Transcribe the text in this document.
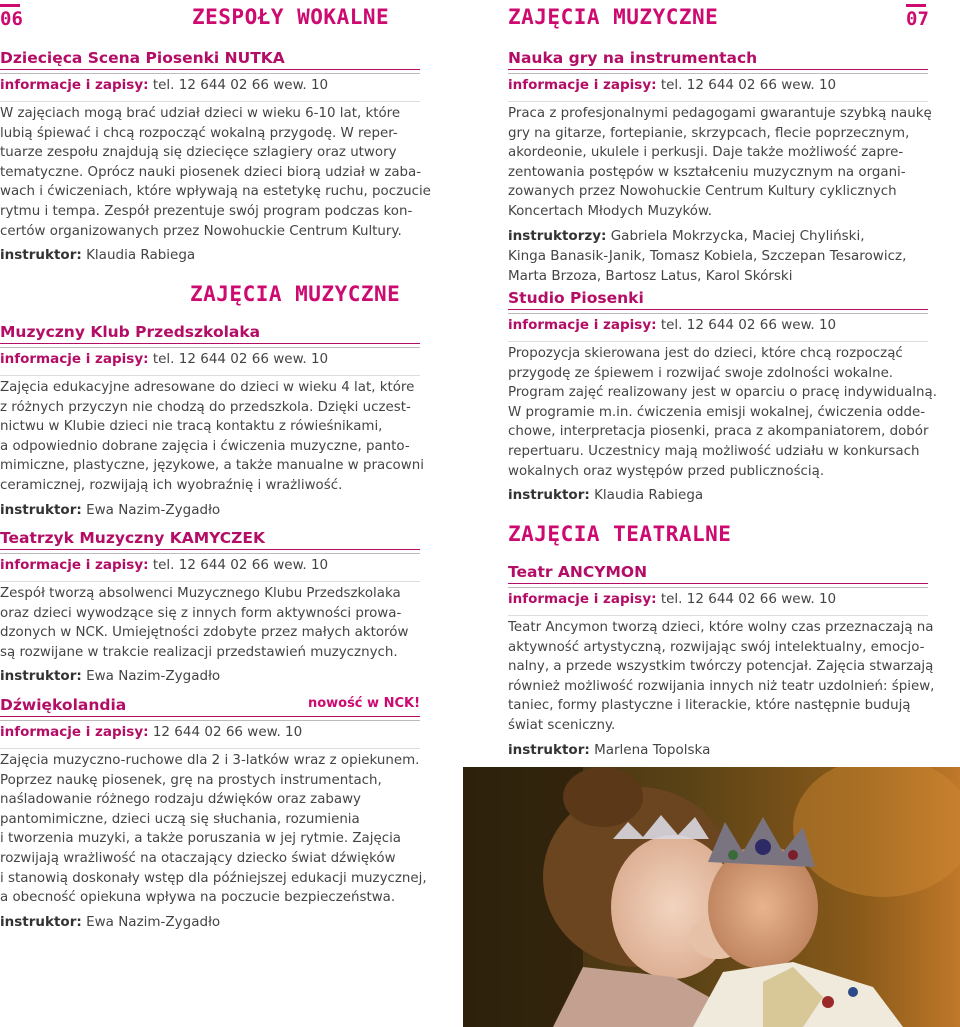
06	ZESPOŁY WOKALNE
Dziecięca Scena Piosenki NUTKA
informacje i zapisy: tel. 12 644 02 66 wew. 10
W zajęciach mogą brać udział dzieci w wieku 6-10 lat, które
lubią śpiewać i chcą rozpocząć wokalną przygodę. W reper-
tuarze zespołu znajdują się dziecięce szlagiery oraz utwory
tematyczne. Oprócz nauki piosenek dzieci biorą udział w zaba-
wach i ćwiczeniach, które wpływają na estetykę ruchu, poczucie
rytmu i tempa. Zespół prezentuje swój program podczas kon-
certów organizowanych przez Nowohuckie Centrum Kultury.
instruktor: Klaudia Rabiega
ZAJĘCIA MUZYCZNE
Muzyczny Klub Przedszkolaka
informacje i zapisy: tel. 12 644 02 66 wew. 10
Zajęcia edukacyjne adresowane do dzieci w wieku 4 lat, które
z różnych przyczyn nie chodzą do przedszkola. Dzięki uczest-
nictwu w Klubie dzieci nie tracą kontaktu z rówieśnikami,
a odpowiednio dobrane zajęcia i ćwiczenia muzyczne, panto-
mimiczne, plastyczne, językowe, a także manualne w pracowni
ceramicznej, rozwijają ich wyobraźnię i wrażliwość.
instruktor: Ewa Nazim-Zygadło
Teatrzyk Muzyczny KAMYCZEK
informacje i zapisy: tel. 12 644 02 66 wew. 10
Zespół tworzą absolwenci Muzycznego Klubu Przedszkolaka
oraz dzieci wywodzące się z innych form aktywności prowa-
dzonych w NCK. Umiejętności zdobyte przez małych aktorów
są rozwijane w trakcie realizacji przedstawień muzycznych.
instruktor: Ewa Nazim-Zygadło
Dźwiękolandia	nowość w NCK!
informacje i zapisy: 12 644 02 66 wew. 10
Zajęcia muzyczno-ruchowe dla 2 i 3-latków wraz z opiekunem.
Poprzez naukę piosenek, grę na prostych instrumentach,
naśladowanie różnego rodzaju dźwięków oraz zabawy
pantomimiczne, dzieci uczą się słuchania, rozumienia
i tworzenia muzyki, a także poruszania w jej rytmie. Zajęcia
rozwijają wrażliwość na otaczający dziecko świat dźwięków
i stanowią doskonały wstęp dla późniejszej edukacji muzycznej,
a obecność opiekuna wpływa na poczucie bezpieczeństwa.
instruktor: Ewa Nazim-Zygadło
ZAJĘCIA MUZYCZNE	07
Nauka gry na instrumentach
informacje i zapisy: tel. 12 644 02 66 wew. 10
Praca z profesjonalnymi pedagogami gwarantuje szybką naukę
gry na gitarze, fortepianie, skrzypcach, flecie poprzecznym,
akordeonie, ukulele i perkusji. Daje także możliwość zapre-
zentowania postępów w kształceniu muzycznym na organi-
zowanych przez Nowohuckie Centrum Kultury cyklicznych
Koncertach Młodych Muzyków.
instruktorzy: Gabriela Mokrzycka, Maciej Chyliński,
Kinga Banasik-Janik, Tomasz Kobiela, Szczepan Tesarowicz,
Marta Brzoza, Bartosz Latus, Karol Skórski
Studio Piosenki
informacje i zapisy: tel. 12 644 02 66 wew. 10
Propozycja skierowana jest do dzieci, które chcą rozpocząć
przygodę ze śpiewem i rozwijać swoje zdolności wokalne.
Program zajęć realizowany jest w oparciu o pracę indywidualną.
W programie m.in. ćwiczenia emisji wokalnej, ćwiczenia odde-
chowe, interpretacja piosenki, praca z akompaniatorem, dobór
repertuaru. Uczestnicy mają możliwość udziału w konkursach
wokalnych oraz występów przed publicznością.
instruktor: Klaudia Rabiega
ZAJĘCIA TEATRALNE
Teatr ANCYMON
informacje i zapisy: tel. 12 644 02 66 wew. 10
Teatr Ancymon tworzą dzieci, które wolny czas przeznaczają na
aktywność artystyczną, rozwijając swój intelektualny, emocjo-
nalny, a przede wszystkim twórczy potencjał. Zajęcia stwarzają
również możliwość rozwijania innych niż teatr uzdolnień: śpiew,
taniec, formy plastyczne i literackie, które następnie budują
świat sceniczny.
instruktor: Marlena Topolska
